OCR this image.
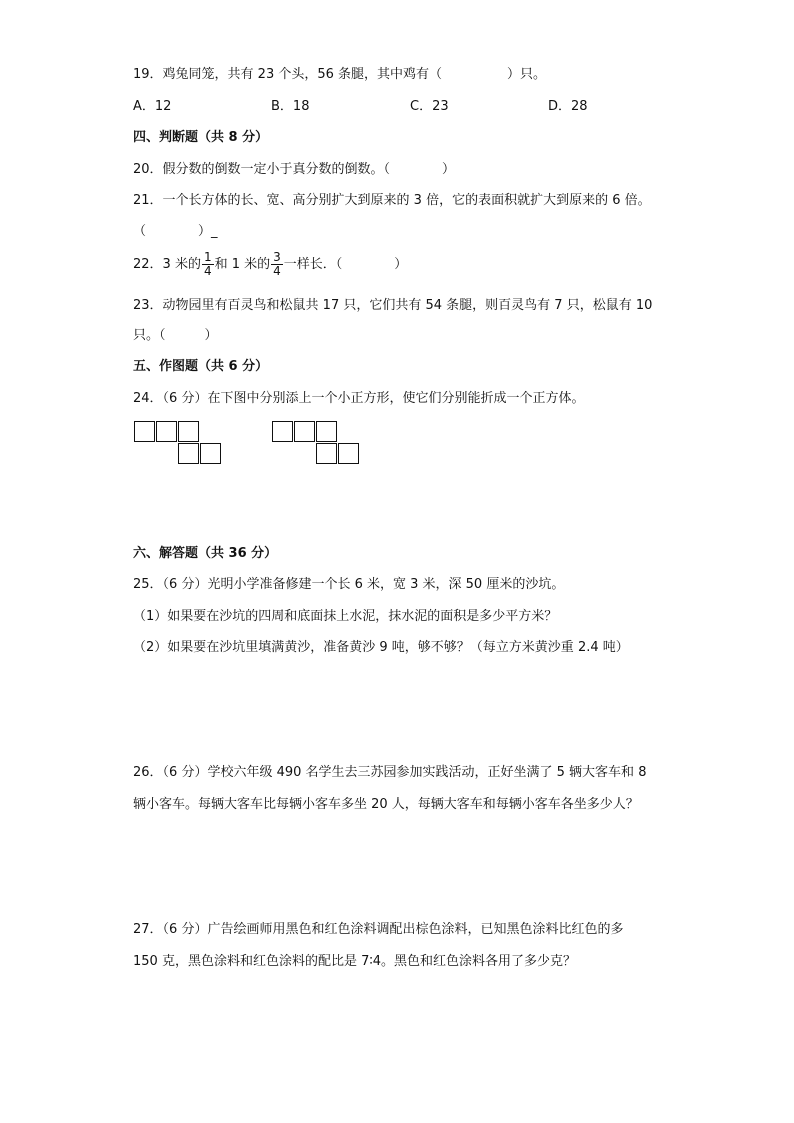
19．鸡兔同笼，共有 23 个头，56 条腿，其中鸡有（　　　　　）只。
A．12	B．18	C．23	D．28
四、判断题（共 8 分）
20．假分数的倒数一定小于真分数的倒数。（　　　　）
21．一个长方体的长、宽、高分别扩大到原来的 3 倍，它的表面积就扩大到原来的 6 倍。
（　　　　）_
22．3 米的 $\frac{1}{4}$ 和 1 米的 $\frac{3}{4}$ 一样长．（　　　　）
23．动物园里有百灵鸟和松鼠共 17 只，它们共有 54 条腿，则百灵鸟有 7 只，松鼠有 10
只。（　　　）
五、作图题（共 6 分）
24．（6 分）在下图中分别添上一个小正方形，使它们分别能折成一个正方体。
六、解答题（共 36 分）
25．（6 分）光明小学准备修建一个长 6 米，宽 3 米，深 50 厘米的沙坑。
（1）如果要在沙坑的四周和底面抹上水泥，抹水泥的面积是多少平方米？
（2）如果要在沙坑里填满黄沙，准备黄沙 9 吨，够不够？（每立方米黄沙重 2.4 吨）
26．（6 分）学校六年级 490 名学生去三苏园参加实践活动，正好坐满了 5 辆大客车和 8
辆小客车。每辆大客车比每辆小客车多坐 20 人，每辆大客车和每辆小客车各坐多少人？
27．（6 分）广告绘画师用黑色和红色涂料调配出棕色涂料，已知黑色涂料比红色的多
150 克，黑色涂料和红色涂料的配比是 7∶4。黑色和红色涂料各用了多少克？
